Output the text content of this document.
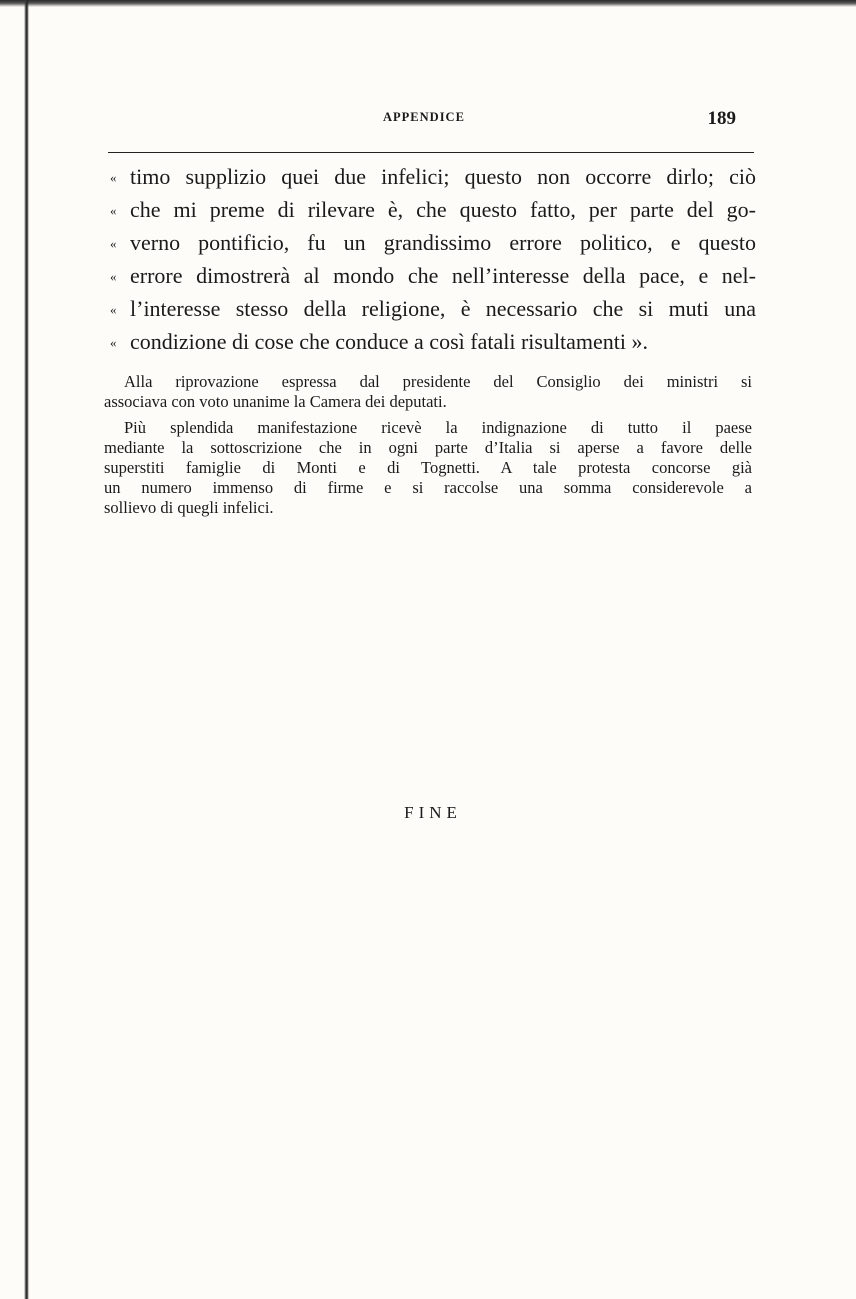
APPENDICE	189
« timo supplizio quei due infelici; questo non occorre dirlo; ciò
« che mi preme di rilevare è, che questo fatto, per parte del go-
« verno pontificio, fu un grandissimo errore politico, e questo
« errore dimostrerà al mondo che nell’interesse della pace, e nel-
« l’interesse stesso della religione, è necessario che si muti una
« condizione di cose che conduce a così fatali risultamenti ».

Alla riprovazione espressa dal presidente del Consiglio dei ministri si
associava con voto unanime la Camera dei deputati.

Più splendida manifestazione ricevè la indignazione di tutto il paese
mediante la sottoscrizione che in ogni parte d’Italia si aperse a favore delle
superstiti famiglie di Monti e di Tognetti. A tale protesta concorse già
un numero immenso di firme e si raccolse una somma considerevole a
sollievo di quegli infelici.

FINE
